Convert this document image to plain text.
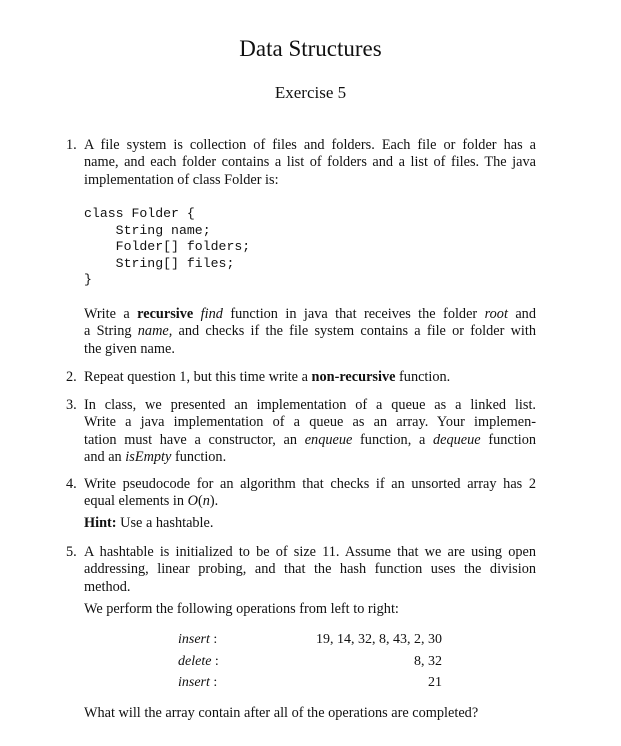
Data Structures
Exercise 5
1. A file system is collection of files and folders. Each file or folder has a
name, and each folder contains a list of folders and a list of files. The java
implementation of class Folder is:
class Folder {
String name;
Folder[] folders;
String[] files;
}
Write a recursive find function in java that receives the folder root and
a String name, and checks if the file system contains a file or folder with
the given name.
2. Repeat question 1, but this time write a non-recursive function.
3. In class, we presented an implementation of a queue as a linked list.
Write a java implementation of a queue as an array. Your implemen-
tation must have a constructor, an enqueue function, a dequeue function
and an isEmpty function.
4. Write pseudocode for an algorithm that checks if an unsorted array has 2
equal elements in O(n).
Hint: Use a hashtable.
5. A hashtable is initialized to be of size 11. Assume that we are using open
addressing, linear probing, and that the hash function uses the division
method.
We perform the following operations from left to right:
insert :	19, 14, 32, 8, 43, 2, 30
delete :	8, 32
insert :	21
What will the array contain after all of the operations are completed?
